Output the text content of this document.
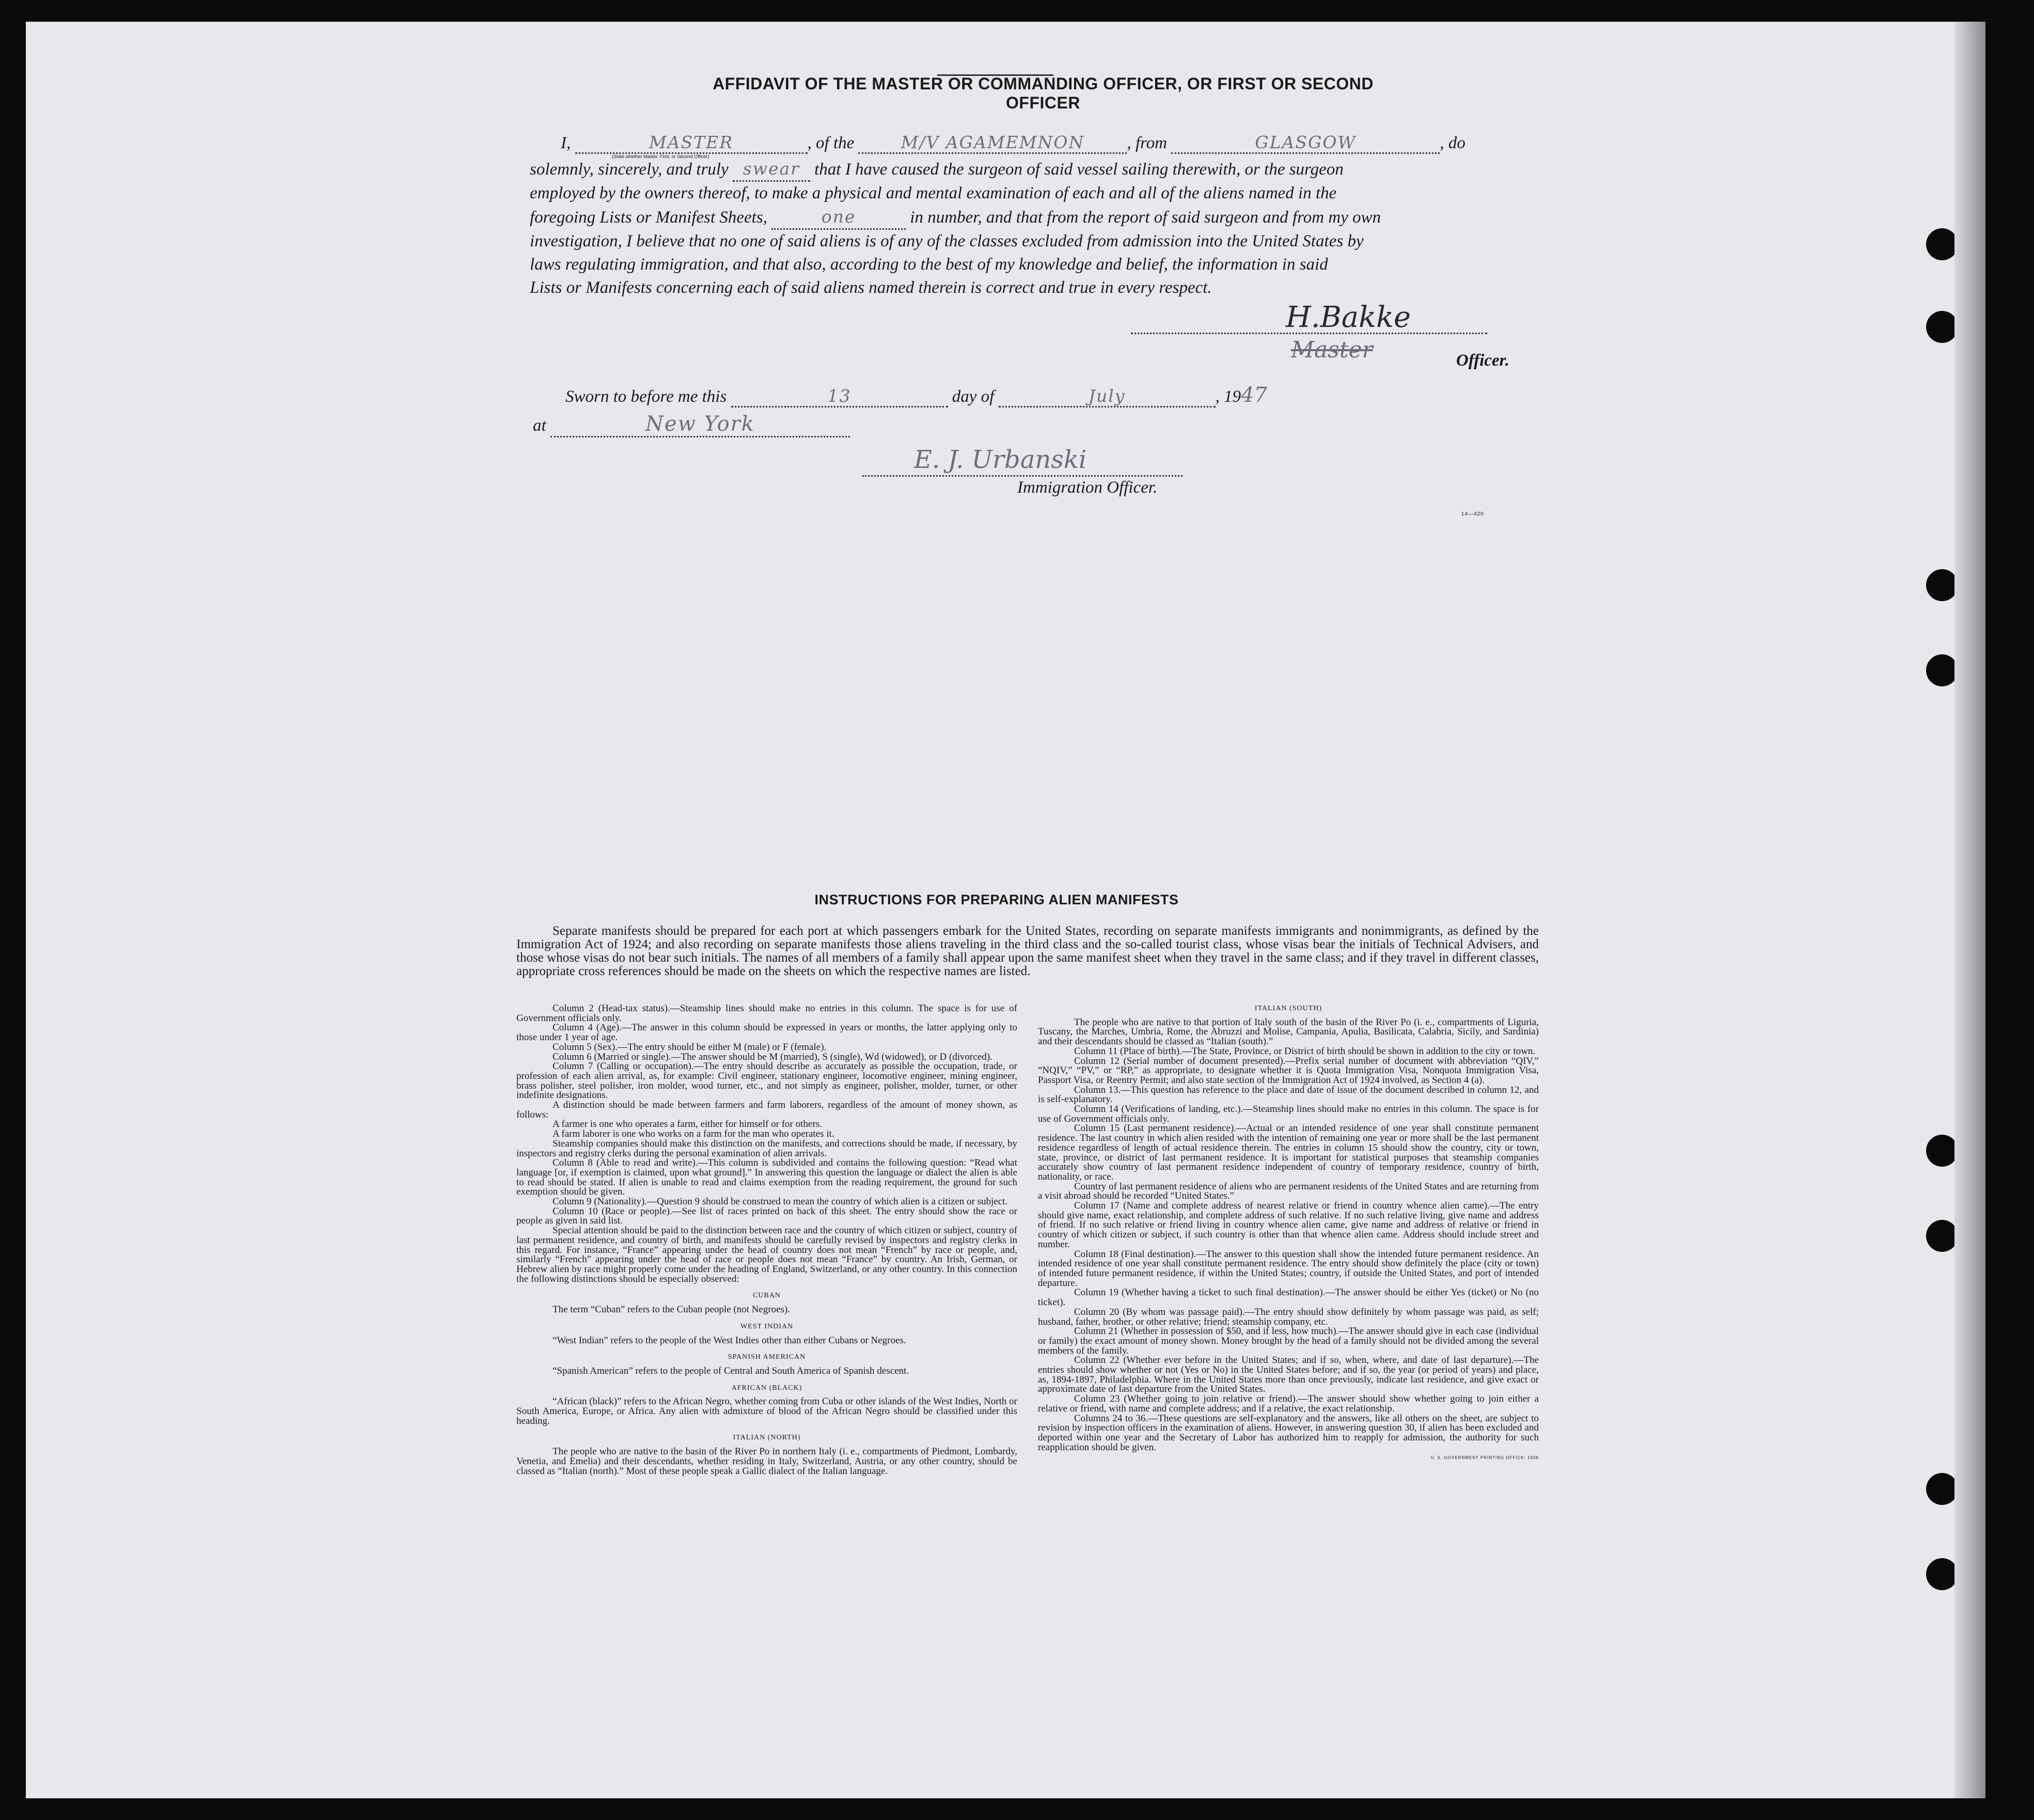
AFFIDAVIT OF THE MASTER OR COMMANDING OFFICER, OR FIRST OR SECOND OFFICER
I,	MASTER	, of the	M/V AGAMEMNON , from	GLASGOW	, do
(State whether Master, First, or Second Officer)
solemnly, sincerely, and truly swear that I have caused the surgeon of said vessel sailing therewith, or the surgeon
employed by the owners thereof, to make a physical and mental examination of each and all of the aliens named in the
foregoing Lists or Manifest Sheets,	one	in number, and that from the report of said surgeon and from my own
investigation, I believe that no one of said aliens is of any of the classes excluded from admission into the United States by
laws regulating immigration, and that also, according to the best of my knowledge and belief, the information in said
Lists or Manifests concerning each of said aliens named therein is correct and true in every respect.
H.Bakke
Master	Officer.
Sworn to before me this	13	day of	July	, 1947
at	New York
E. J. Urbanski
Immigration Officer.
14—420
INSTRUCTIONS FOR PREPARING ALIEN MANIFESTS
Separate manifests should be prepared for each port at which passengers embark for the United States, recording on separate manifests immigrants and nonimmigrants, as defined by the Immigration Act of 1924; and also recording on separate manifests those aliens traveling in the third class and the so-called tourist class, whose visas bear the initials of Technical Advisers, and those whose visas do not bear such initials. The names of all members of a family shall appear upon the same manifest sheet when they travel in the same class; and if they travel in different classes, appropriate cross references should be made on the sheets on which the respective names are listed.

Column 2 (Head-tax status).—Steamship lines should make no entries in this column. The space is for use of Government officials only.

Column 4 (Age).—The answer in this column should be expressed in years or months, the latter applying only to those under 1 year of age.

Column 5 (Sex).—The entry should be either M (male) or F (female).

Column 6 (Married or single).—The answer should be M (married), S (single), Wd (widowed), or D (divorced).

Column 7 (Calling or occupation).—The entry should describe as accurately as possible the occupation, trade, or profession of each alien arrival, as, for example: Civil engineer, stationary engineer, locomotive engineer, mining engineer, brass polisher, steel polisher, iron molder, wood turner, etc., and not simply as engineer, polisher, molder, turner, or other indefinite designations.

A distinction should be made between farmers and farm laborers, regardless of the amount of money shown, as follows:

A farmer is one who operates a farm, either for himself or for others.

A farm laborer is one who works on a farm for the man who operates it.

Steamship companies should make this distinction on the manifests, and corrections should be made, if necessary, by inspectors and registry clerks during the personal examination of alien arrivals.

Column 8 (Able to read and write).—This column is subdivided and contains the following question: “Read what language [or, if exemption is claimed, upon what ground].” In answering this question the language or dialect the alien is able to read should be stated. If alien is unable to read and claims exemption from the reading requirement, the ground for such exemption should be given.

Column 9 (Nationality).—Question 9 should be construed to mean the country of which alien is a citizen or subject.

Column 10 (Race or people).—See list of races printed on back of this sheet. The entry should show the race or people as given in said list.

Special attention should be paid to the distinction between race and the country of which citizen or subject, country of last permanent residence, and country of birth, and manifests should be carefully revised by inspectors and registry clerks in this regard. For instance, “France” appearing under the head of country does not mean “French” by race or people, and, similarly “French” appearing under the head of race or people does not mean “France” by country. An Irish, German, or Hebrew alien by race might properly come under the heading of England, Switzerland, or any other country. In this connection the following distinctions should be especially observed:

CUBAN

The term “Cuban” refers to the Cuban people (not Negroes).

WEST INDIAN

“West Indian” refers to the people of the West Indies other than either Cubans or Negroes.

SPANISH AMERICAN

“Spanish American” refers to the people of Central and South America of Spanish descent.

AFRICAN (BLACK)

“African (black)” refers to the African Negro, whether coming from Cuba or other islands of the West Indies, North or South America, Europe, or Africa. Any alien with admixture of blood of the African Negro should be classified under this heading.

ITALIAN (NORTH)

The people who are native to the basin of the River Po in northern Italy (i. e., compartments of Piedmont, Lombardy, Venetia, and Emelia) and their descendants, whether residing in Italy, Switzerland, Austria, or any other country, should be classed as “Italian (north).” Most of these people speak a Gallic dialect of the Italian language.

ITALIAN (SOUTH)

The people who are native to that portion of Italy south of the basin of the River Po (i. e., compartments of Liguria, Tuscany, the Marches, Umbria, Rome, the Abruzzi and Molise, Campania, Apulia, Basilicata, Calabria, Sicily, and Sardinia) and their descendants should be classed as “Italian (south).”

Column 11 (Place of birth).—The State, Province, or District of birth should be shown in addition to the city or town.

Column 12 (Serial number of document presented).—Prefix serial number of document with abbreviation “QIV,” “NQIV,” “PV,” or “RP,” as appropriate, to designate whether it is Quota Immigration Visa, Nonquota Immigration Visa, Passport Visa, or Reentry Permit; and also state section of the Immigration Act of 1924 involved, as Section 4 (a).

Column 13.—This question has reference to the place and date of issue of the document described in column 12, and is self-explanatory.

Column 14 (Verifications of landing, etc.).—Steamship lines should make no entries in this column. The space is for use of Government officials only.

Column 15 (Last permanent residence).—Actual or an intended residence of one year shall constitute permanent residence. The last country in which alien resided with the intention of remaining one year or more shall be the last permanent residence regardless of length of actual residence therein. The entries in column 15 should show the country, city or town, state, province, or district of last permanent residence. It is important for statistical purposes that steamship companies accurately show country of last permanent residence independent of country of temporary residence, country of birth, nationality, or race.

Country of last permanent residence of aliens who are permanent residents of the United States and are returning from a visit abroad should be recorded “United States.”

Column 17 (Name and complete address of nearest relative or friend in country whence alien came).—The entry should give name, exact relationship, and complete address of such relative. If no such relative living, give name and address of friend. If no such relative or friend living in country whence alien came, give name and address of relative or friend in country of which citizen or subject, if such country is other than that whence alien came. Address should include street and number.

Column 18 (Final destination).—The answer to this question shall show the intended future permanent residence. An intended residence of one year shall constitute permanent residence. The entry should show definitely the place (city or town) of intended future permanent residence, if within the United States; country, if outside the United States, and port of intended departure.

Column 19 (Whether having a ticket to such final destination).—The answer should be either Yes (ticket) or No (no ticket).

Column 20 (By whom was passage paid).—The entry should show definitely by whom passage was paid, as self; husband, father, brother, or other relative; friend; steamship company, etc.

Column 21 (Whether in possession of $50, and if less, how much).—The answer should give in each case (individual or family) the exact amount of money shown. Money brought by the head of a family should not be divided among the several members of the family.

Column 22 (Whether ever before in the United States; and if so, when, where, and date of last departure).—The entries should show whether or not (Yes or No) in the United States before; and if so, the year (or period of years) and place, as, 1894-1897, Philadelphia. Where in the United States more than once previously, indicate last residence, and give exact or approximate date of last departure from the United States.

Column 23 (Whether going to join relative or friend).—The answer should show whether going to join either a relative or friend, with name and complete address; and if a relative, the exact relationship.

Columns 24 to 36.—These questions are self-explanatory and the answers, like all others on the sheet, are subject to revision by inspection officers in the examination of aliens. However, in answering question 30, if alien has been excluded and deported within one year and the Secretary of Labor has authorized him to reapply for admission, the authority for such reapplication should be given.

U. S. GOVERNMENT PRINTING OFFICE: 1939
